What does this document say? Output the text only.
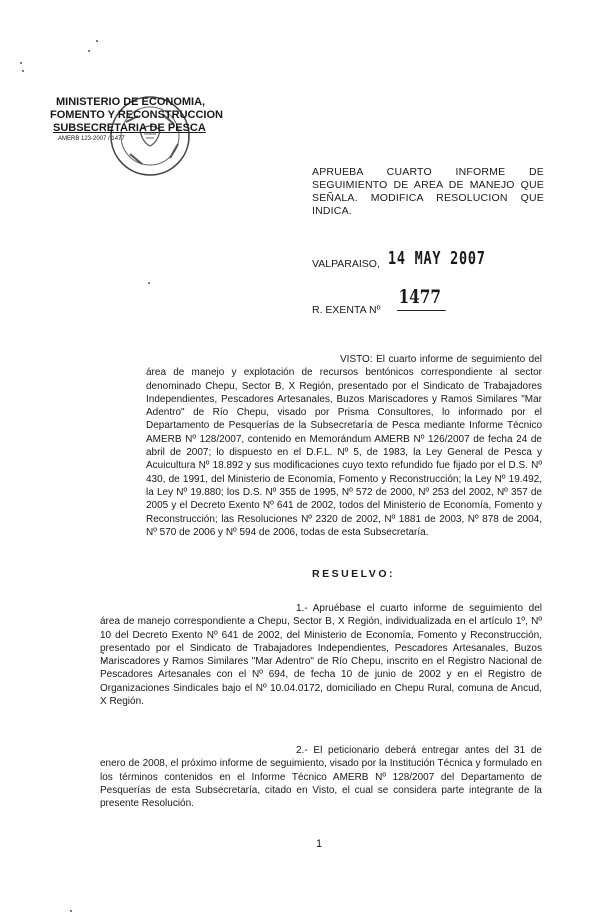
MINISTERIO DE ECONOMIA,
FOMENTO Y RECONSTRUCCION
SUBSECRETARIA DE PESCA
AMERB 123-2007 / 1477
APRUEBA CUARTO INFORME DE SEGUIMIENTO DE AREA DE MANEJO QUE SEÑALA. MODIFICA RESOLUCION QUE INDICA.
VALPARAISO, 14 MAY 2007
R. EXENTA Nº
1477
VISTO: El cuarto informe de seguimiento del área de manejo y explotación de recursos bentónicos correspondiente al sector denominado Chepu, Sector B, X Región, presentado por el Sindicato de Trabajadores Independientes, Pescadores Artesanales, Buzos Mariscadores y Ramos Similares "Mar Adentro" de Río Chepu, visado por Prisma Consultores, lo informado por el Departamento de Pesquerías de la Subsecretaría de Pesca mediante Informe Técnico AMERB Nº 128/2007, contenido en Memorándum AMERB Nº 126/2007 de fecha 24 de abril de 2007; lo dispuesto en el D.F.L. Nº 5, de 1983, la Ley General de Pesca y Acuicultura Nº 18.892 y sus modificaciones cuyo texto refundido fue fijado por el D.S. Nº 430, de 1991, del Ministerio de Economía, Fomento y Reconstrucción; la Ley Nº 19.492, la Ley Nº 19.880; los D.S. Nº 355 de 1995, Nº 572 de 2000, Nº 253 del 2002, Nº 357 de 2005 y el Decreto Exento Nº 641 de 2002, todos del Ministerio de Economía, Fomento y Reconstrucción; las Resoluciones Nº 2320 de 2002, Nº 1881 de 2003, Nº 878 de 2004, Nº 570 de 2006 y Nº 594 de 2006, todas de esta Subsecretaría.
RESUELVO:
1.- Apruébase el cuarto informe de seguimiento del área de manejo correspondiente a Chepu, Sector B, X Región, individualizada en el artículo 1º, Nº 10 del Decreto Exento Nº 641 de 2002, del Ministerio de Economía, Fomento y Reconstrucción, presentado por el Sindicato de Trabajadores Independientes, Pescadores Artesanales, Buzos Mariscadores y Ramos Similares "Mar Adentro" de Río Chepu, inscrito en el Registro Nacional de Pescadores Artesanales con el Nº 694, de fecha 10 de junio de 2002 y en el Registro de Organizaciones Sindicales bajo el Nº 10.04.0172, domiciliado en Chepu Rural, comuna de Ancud, X Región.
2.- El peticionario deberá entregar antes del 31 de enero de 2008, el próximo informe de seguimiento, visado por la Institución Técnica y formulado en los términos contenidos en el Informe Técnico AMERB Nº 128/2007 del Departamento de Pesquerías de esta Subsecretaría, citado en Visto, el cual se considera parte integrante de la presente Resolución.
1
